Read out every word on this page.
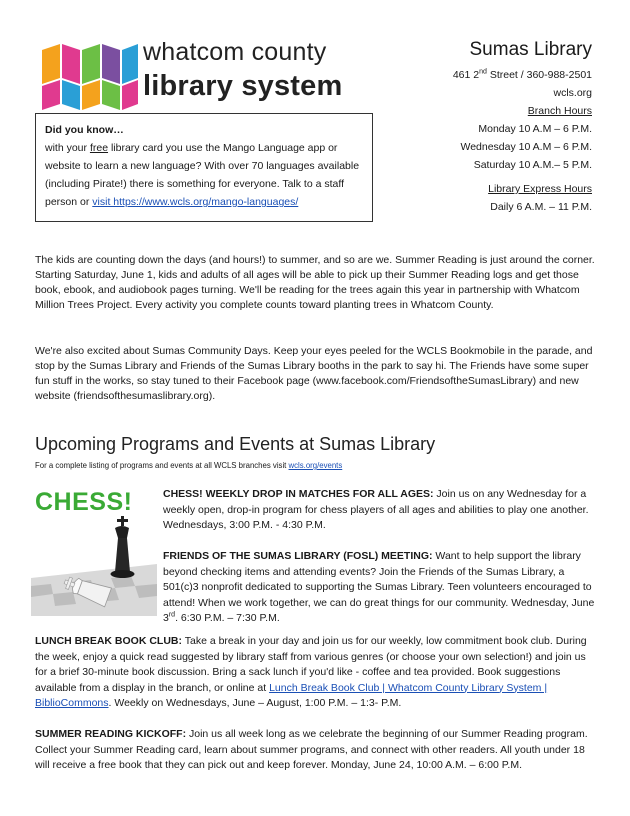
whatcom county
library system
Sumas Library
461 2nd Street / 360-988-2501
wcls.org
Branch Hours
Monday 10 A.M – 6 P.M.
Wednesday 10 A.M – 6 P.M.
Saturday 10 A.M.– 5 P.M.
Library Express Hours
Daily 6 A.M. – 11 P.M.
Did you know…
with your free library card you use the Mango Language app or website to learn a new language? With over 70 languages available (including Pirate!) there is something for everyone. Talk to a staff person or visit https://www.wcls.org/mango-languages/
The kids are counting down the days (and hours!) to summer, and so are we. Summer Reading is just around the corner. Starting Saturday, June 1, kids and adults of all ages will be able to pick up their Summer Reading logs and get those book, ebook, and audiobook pages turning. We'll be reading for the trees again this year in partnership with Whatcom Million Trees Project. Every activity you complete counts toward planting trees in Whatcom County.
We're also excited about Sumas Community Days. Keep your eyes peeled for the WCLS Bookmobile in the parade, and stop by the Sumas Library and Friends of the Sumas Library booths in the park to say hi. The Friends have some super fun stuff in the works, so stay tuned to their Facebook page (www.facebook.com/FriendsoftheSumasLibrary) and new website (friendsofthesumaslibrary.org).
Upcoming Programs and Events at Sumas Library
For a complete listing of programs and events at all WCLS branches visit wcls.org/events
CHESS!	CHESS! WEEKLY DROP IN MATCHES FOR ALL AGES: Join us on any Wednesday for a weekly open, drop-in program for chess players of all ages and abilities to play one another. Wednesdays, 3:00 P.M. - 4:30 P.M.
FRIENDS OF THE SUMAS LIBRARY (FOSL) MEETING: Want to help support the library beyond checking items and attending events? Join the Friends of the Sumas Library, a 501(c)3 nonprofit dedicated to supporting the Sumas Library. Teen volunteers encouraged to attend! When we work together, we can do great things for our community. Wednesday, June 3rd. 6:30 P.M. – 7:30 P.M.
LUNCH BREAK BOOK CLUB: Take a break in your day and join us for our weekly, low commitment book club. During the week, enjoy a quick read suggested by library staff from various genres (or choose your own selection!) and join us for a brief 30-minute book discussion. Bring a sack lunch if you'd like - coffee and tea provided. Book suggestions available from a display in the branch, or online at Lunch Break Book Club | Whatcom County Library System | BiblioCommons. Weekly on Wednesdays, June – August, 1:00 P.M. – 1:3- P.M.
SUMMER READING KICKOFF: Join us all week long as we celebrate the beginning of our Summer Reading program. Collect your Summer Reading card, learn about summer programs, and connect with other readers. All youth under 18 will receive a free book that they can pick out and keep forever. Monday, June 24, 10:00 A.M. – 6:00 P.M.
